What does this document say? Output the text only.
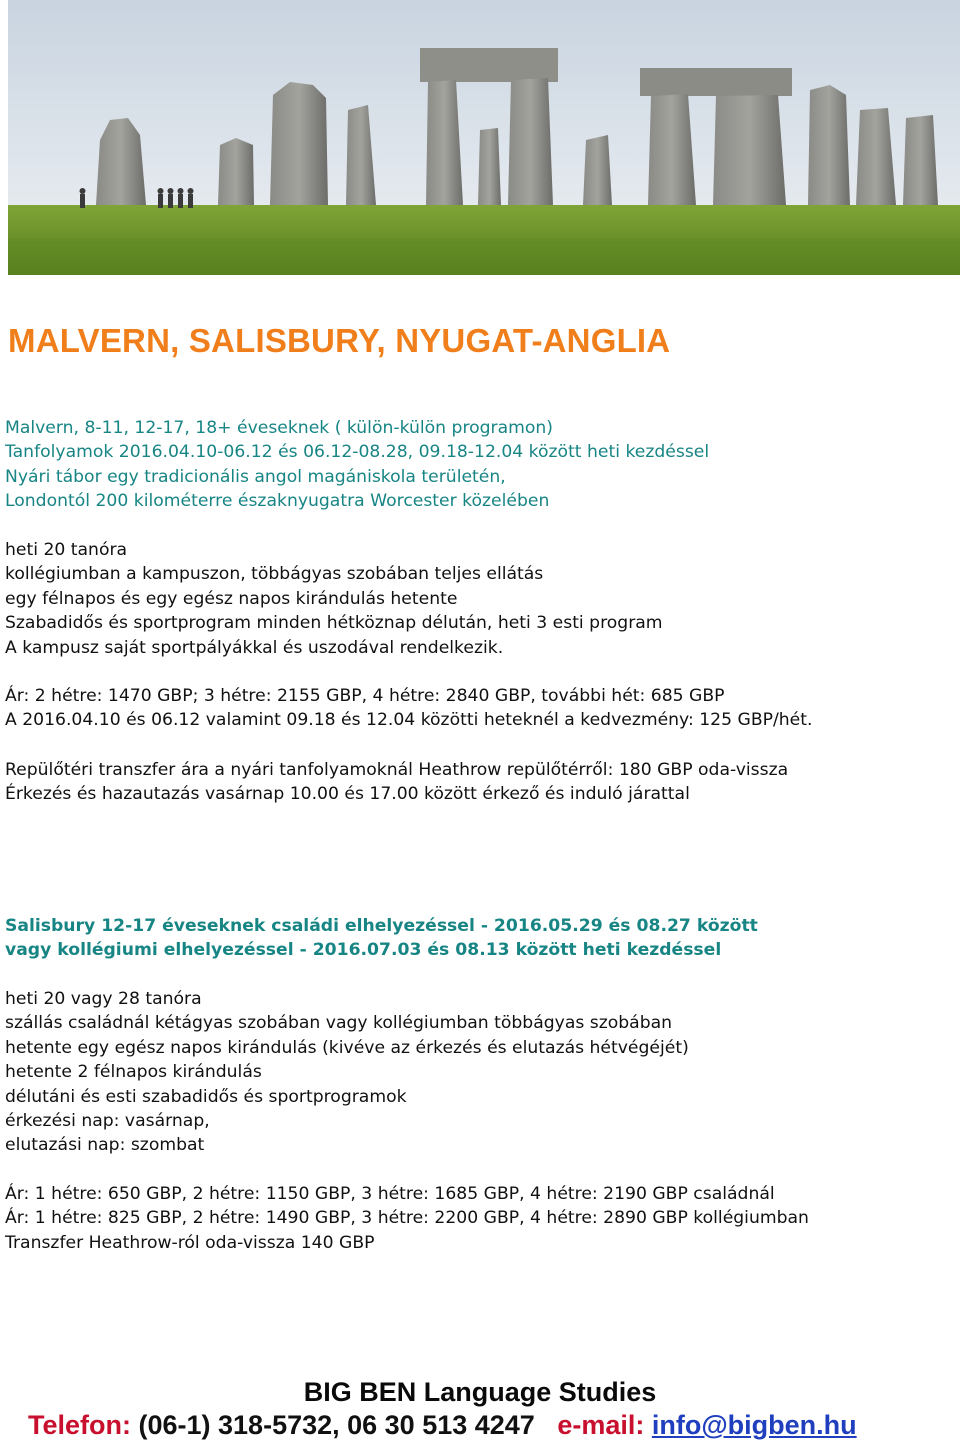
MALVERN, SALISBURY, NYUGAT-ANGLIA
Malvern, 8-11, 12-17, 18+ éveseknek ( külön-külön programon)
Tanfolyamok 2016.04.10-06.12 és 06.12-08.28, 09.18-12.04 között heti kezdéssel
Nyári tábor egy tradicionális angol magániskola területén,
Londontól 200 kilométerre északnyugatra Worcester közelében
heti 20 tanóra
kollégiumban a kampuszon, többágyas szobában teljes ellátás
egy félnapos és egy egész napos kirándulás hetente
Szabadidős és sportprogram minden hétköznap délután, heti 3 esti program
A kampusz saját sportpályákkal és uszodával rendelkezik.
Ár: 2 hétre: 1470 GBP; 3 hétre: 2155 GBP, 4 hétre: 2840 GBP, további hét: 685 GBP
A 2016.04.10 és 06.12 valamint 09.18 és 12.04 közötti heteknél a kedvezmény: 125 GBP/hét.
Repülőtéri transzfer ára a nyári tanfolyamoknál Heathrow repülőtérről: 180 GBP oda-vissza
Érkezés és hazautazás vasárnap 10.00 és 17.00 között érkező és induló járattal
Salisbury 12-17 éveseknek családi elhelyezéssel - 2016.05.29 és 08.27 között
vagy kollégiumi elhelyezéssel - 2016.07.03 és 08.13 között heti kezdéssel
heti 20 vagy 28 tanóra
szállás családnál kétágyas szobában vagy kollégiumban többágyas szobában
hetente egy egész napos kirándulás (kivéve az érkezés és elutazás hétvégéjét)
hetente 2 félnapos kirándulás
délutáni és esti szabadidős és sportprogramok
érkezési nap: vasárnap,
elutazási nap: szombat
Ár: 1 hétre: 650 GBP, 2 hétre: 1150 GBP, 3 hétre: 1685 GBP, 4 hétre: 2190 GBP családnál
Ár: 1 hétre: 825 GBP, 2 hétre: 1490 GBP, 3 hétre: 2200 GBP, 4 hétre: 2890 GBP kollégiumban
Transzfer Heathrow-ról oda-vissza 140 GBP
BIG BEN Language Studies
Telefon: (06-1) 318-5732, 06 30 513 4247 e-mail: info@bigben.hu
